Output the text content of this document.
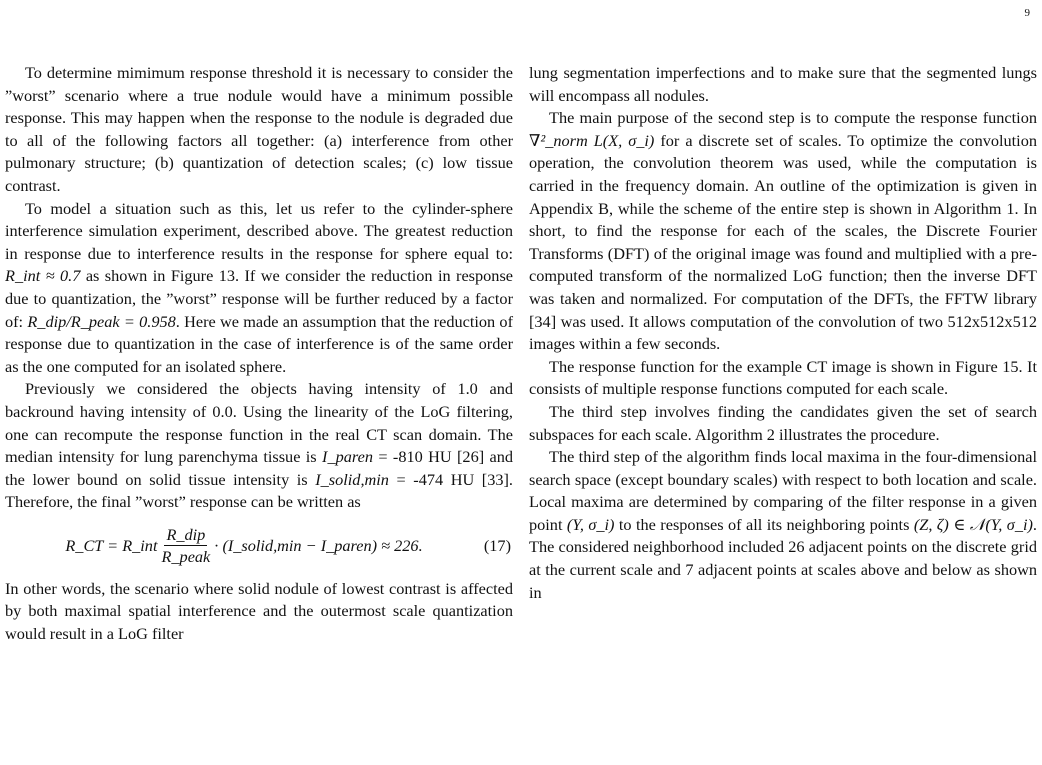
9

To determine mimimum response threshold it is necessary to consider the ”worst” scenario where a true nodule would have a minimum possible response. This may happen when the response to the nodule is degraded due to all of the following factors all together: (a) interference from other pulmonary structure; (b) quantization of detection scales; (c) low tissue contrast.

To model a situation such as this, let us refer to the cylinder-sphere interference simulation experiment, described above. The greatest reduction in response due to interference results in the response for sphere equal to: R_int ≈ 0.7 as shown in Figure 13. If we consider the reduction in response due to quantization, the ”worst” response will be further reduced by a factor of: R_dip/R_peak = 0.958. Here we made an assumption that the reduction of response due to quantization in the case of interference is of the same order as the one computed for an isolated sphere.

Previously we considered the objects having intensity of 1.0 and backround having intensity of 0.0. Using the linearity of the LoG filtering, one can recompute the response function in the real CT scan domain. The median intensity for lung parenchyma tissue is I_paren = -810 HU [26] and the lower bound on solid tissue intensity is I_solid,min = -474 HU [33]. Therefore, the final ”worst” response can be written as

R_CT = R_int $\frac{\text{R\_dip}}{\text{R\_peak}}$ · (I_solid,min − I_paren) ≈ 226.	(17)

In other words, the scenario where solid nodule of lowest contrast is affected by both maximal spatial interference and the outermost scale quantization would result in a LoG filter

lung segmentation imperfections and to make sure that the segmented lungs will encompass all nodules.

The main purpose of the second step is to compute the response function ∇²_norm L(X, σ_i) for a discrete set of scales. To optimize the convolution operation, the convolution theorem was used, while the computation is carried in the frequency domain. An outline of the optimization is given in Appendix B, while the scheme of the entire step is shown in Algorithm 1. In short, to find the response for each of the scales, the Discrete Fourier Transforms (DFT) of the original image was found and multiplied with a pre-computed transform of the normalized LoG function; then the inverse DFT was taken and normalized. For computation of the DFTs, the FFTW library [34] was used. It allows computation of the convolution of two 512x512x512 images within a few seconds.

The response function for the example CT image is shown in Figure 15. It consists of multiple response functions computed for each scale.

The third step involves finding the candidates given the set of search subspaces for each scale. Algorithm 2 illustrates the procedure.

The third step of the algorithm finds local maxima in the four-dimensional search space (except boundary scales) with respect to both location and scale. Local maxima are determined by comparing of the filter response in a given point (Y, σ_i) to the responses of all its neighboring points (Z, ζ) ∈ 𝒩(Y, σ_i). The considered neighborhood included 26 adjacent points on the discrete grid at the current scale and 7 adjacent points at scales above and below as shown in
